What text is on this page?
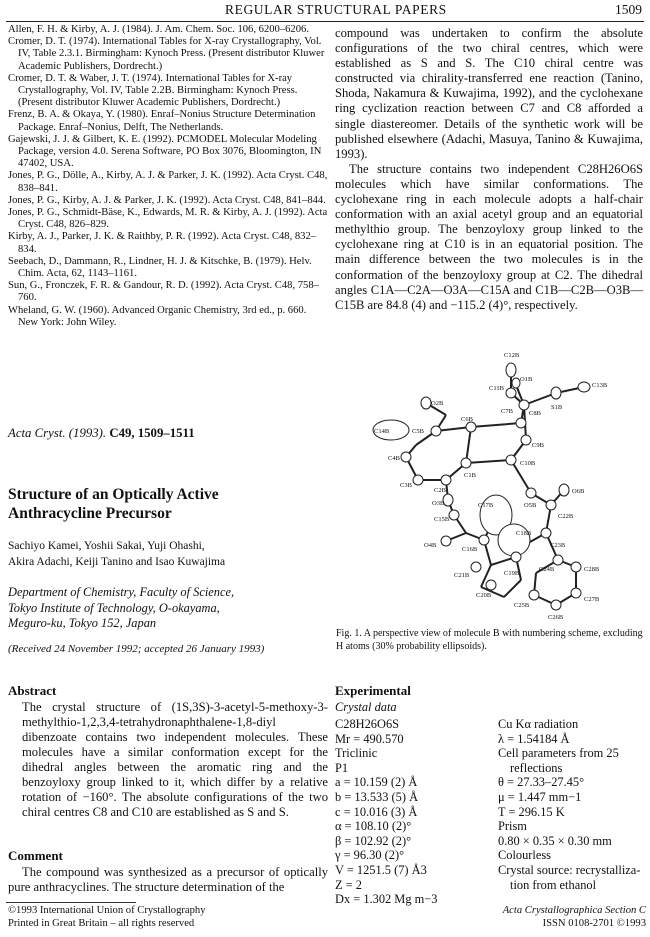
REGULAR STRUCTURAL PAPERS	1509

Allen, F. H. & Kirby, A. J. (1984). J. Am. Chem. Soc. 106, 6200–6206.

Cromer, D. T. (1974). International Tables for X-ray Crystallography, Vol. IV, Table 2.3.1. Birmingham: Kynoch Press. (Present distributor Kluwer Academic Publishers, Dordrecht.)

Cromer, D. T. & Waber, J. T. (1974). International Tables for X-ray Crystallography, Vol. IV, Table 2.2B. Birmingham: Kynoch Press. (Present distributor Kluwer Academic Publishers, Dordrecht.)

Frenz, B. A. & Okaya, Y. (1980). Enraf–Nonius Structure Determination Package. Enraf–Nonius, Delft, The Netherlands.

Gajewski, J. J. & Gilbert, K. E. (1992). PCMODEL Molecular Modeling Package, version 4.0. Serena Software, PO Box 3076, Bloomington, IN 47402, USA.

Jones, P. G., Dölle, A., Kirby, A. J. & Parker, J. K. (1992). Acta Cryst. C48, 838–841.

Jones, P. G., Kirby, A. J. & Parker, J. K. (1992). Acta Cryst. C48, 841–844.

Jones, P. G., Schmidt-Bäse, K., Edwards, M. R. & Kirby, A. J. (1992). Acta Cryst. C48, 826–829.

Kirby, A. J., Parker, J. K. & Raithby, P. R. (1992). Acta Cryst. C48, 832–834.

Seebach, D., Dammann, R., Lindner, H. J. & Kitschke, B. (1979). Helv. Chim. Acta, 62, 1143–1161.

Sun, G., Fronczek, F. R. & Gandour, R. D. (1992). Acta Cryst. C48, 758–760.

Wheland, G. W. (1960). Advanced Organic Chemistry, 3rd ed., p. 660. New York: John Wiley.

compound was undertaken to confirm the absolute configurations of the two chiral centres, which were established as S and S. The C10 chiral centre was constructed via chirality-transferred ene reaction (Tanino, Shoda, Nakamura & Kuwajima, 1992), and the cyclohexane ring cyclization reaction between C7 and C8 afforded a single diastereomer. Details of the synthetic work will be published elsewhere (Adachi, Masuya, Tanino & Kuwajima, 1993).

The structure contains two independent C28H26O6S molecules which have similar conformations. The cyclohexane ring in each molecule adopts a half-chair conformation with an axial acetyl group and an equatorial methylthio group. The benzoyloxy group linked to the cyclohexane ring at C10 is in an equatorial position. The main difference between the two molecules is in the conformation of the benzoyloxy group at C2. The dihedral angles C1A—C2A—O3A—C15A and C1B—C2B—O3B—C15B are 84.8 (4) and −115.2 (4)°, respectively.

C12B
C11B
O1B
C13B
S1B
C8B
C7B
O2B
C14B	C5B
C6B
C9B
C4B
C10B
C1B
C3B
C2B
O3B	O5B
O6B
C17B
C22B
C15B
C18B
O4B
C16B
C23B
C24B	C28B
C19B
C21B
C20B
C25B
C27B
C26B
Fig. 1. A perspective view of molecule B with numbering scheme, excluding H atoms (30% probability ellipsoids).
Acta Cryst. (1993). C49, 1509–1511
Structure of an Optically Active
Anthracycline Precursor
Sachiyo Kamei, Yoshii Sakai, Yuji Ohashi,
Akira Adachi, Keiji Tanino and Isao Kuwajima
Department of Chemistry, Faculty of Science,
Tokyo Institute of Technology, O-okayama,
Meguro-ku, Tokyo 152, Japan
(Received 24 November 1992; accepted 26 January 1993)
Abstract
The crystal structure of (1S,3S)-3-acetyl-5-methoxy-3-methylthio-1,2,3,4-tetrahydronaphthalene-1,8-diyl dibenzoate contains two independent molecules. These molecules have a similar conformation except for the dihedral angles between the aromatic ring and the benzoyloxy group linked to it, which differ by a relative rotation of −160°. The absolute configurations of the two chiral centres C8 and C10 are established as S and S.
Comment
The compound was synthesized as a precursor of optically pure anthracyclines. The structure determination of the
Experimental
Crystal data
C28H26O6S
Mr = 490.570
Triclinic
P1
a = 10.159 (2) Å
b = 13.533 (5) Å
c = 10.016 (3) Å
α = 108.10 (2)°
β = 102.92 (2)°
γ = 96.30 (2)°
V = 1251.5 (7) Å3
Z = 2
Dx = 1.302 Mg m−3
Cu Kα radiation
λ = 1.54184 Å
Cell parameters from 25
reflections
θ = 27.33–27.45°
μ = 1.447 mm−1
T = 296.15 K
Prism
0.80 × 0.35 × 0.30 mm
Colourless
Crystal source: recrystalliza-
tion from ethanol
©1993 International Union of Crystallography
Printed in Great Britain – all rights reserved
Acta Crystallographica Section C
ISSN 0108-2701 ©1993
